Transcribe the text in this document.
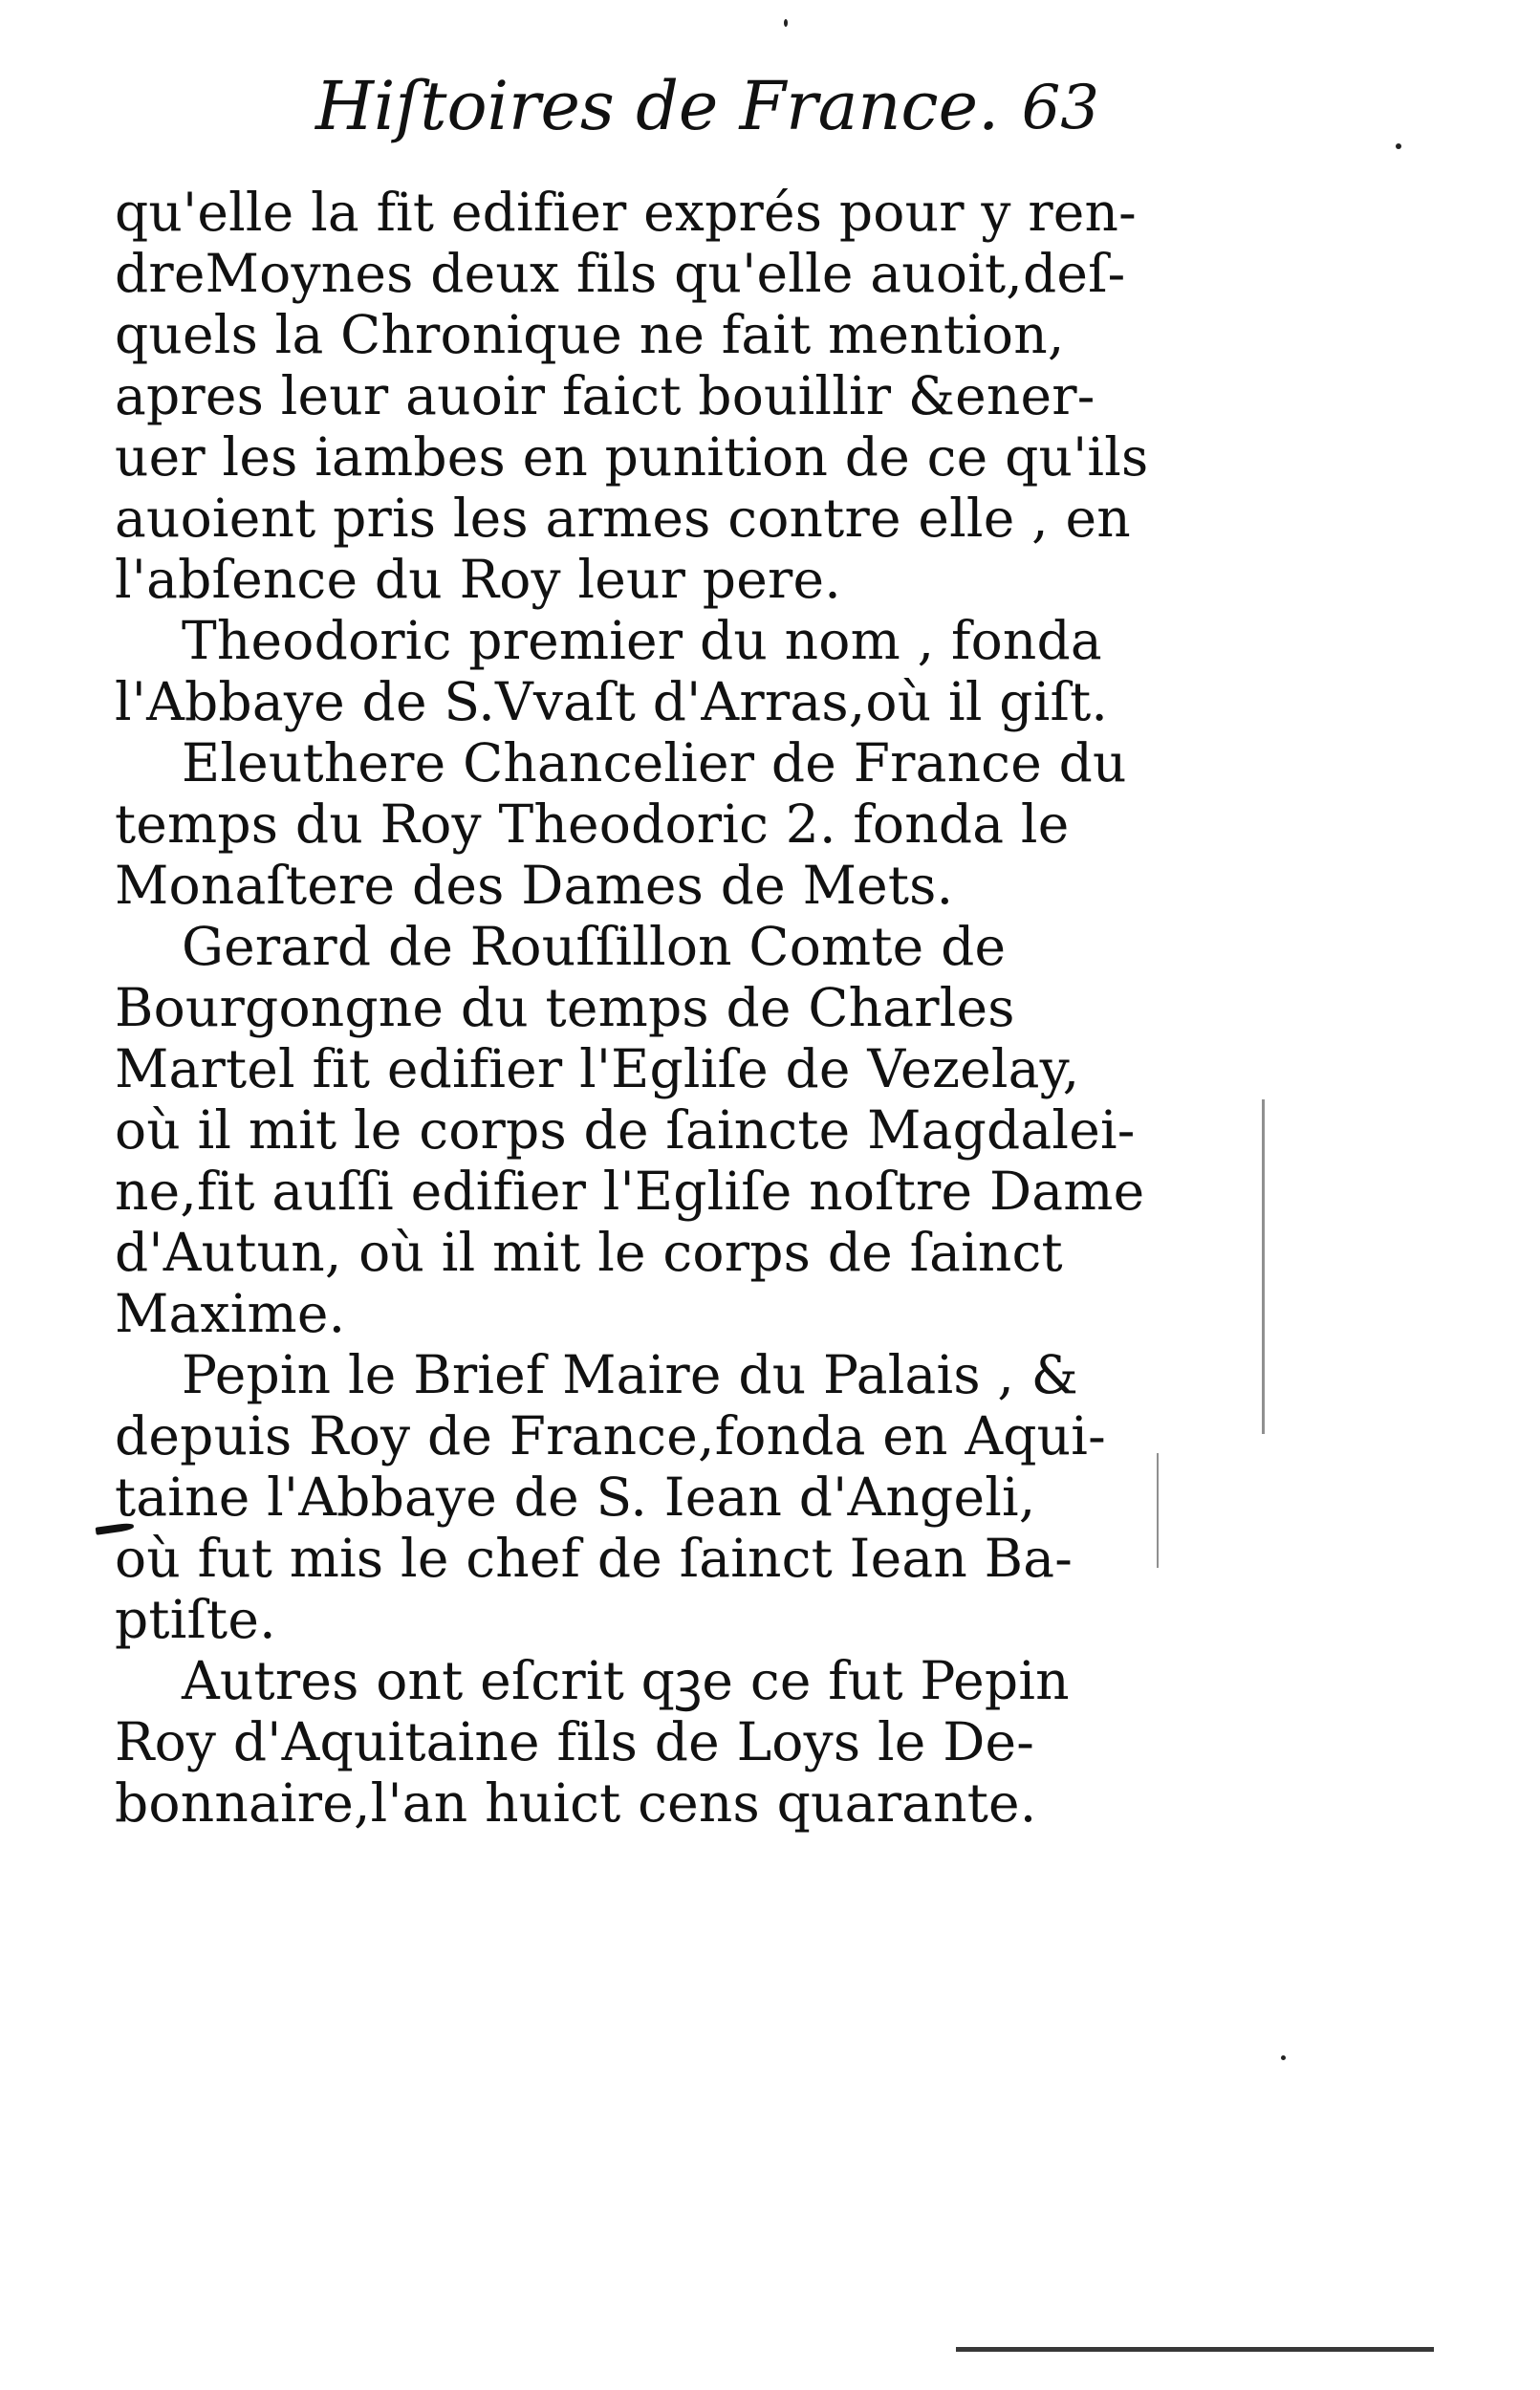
Hiſtoires de France. 63

qu'elle la fit edifier exprés pour y ren-
dreMoynes deux fils qu'elle auoit,deſ-
quels la Chronique ne fait mention,
apres leur auoir faict bouillir &ener-
uer les iambes en punition de ce qu'ils
auoient pris les armes contre elle , en
l'abſence du Roy leur pere.

Theodoric premier du nom , fonda
l'Abbaye de S.Vvaſt d'Arras,où il giſt.

Eleuthere Chancelier de France du
temps du Roy Theodoric 2. fonda le
Monaſtere des Dames de Mets.

Gerard de Rouſſillon Comte de
Bourgongne du temps de Charles
Martel fit edifier l'Egliſe de Vezelay,
où il mit le corps de ſaincte Magdalei-
ne,fit auſſi edifier l'Egliſe noſtre Dame
d'Autun, où il mit le corps de ſainct
Maxime.

Pepin le Brief Maire du Palais , &
depuis Roy de France,fonda en Aqui-
taine l'Abbaye de S. Iean d'Angeli,
où fut mis le chef de ſainct Iean Ba-
ptiſte.

Autres ont eſcrit qꝫe ce fut Pepin
Roy d'Aquitaine fils de Loys le De-
bonnaire,l'an huict cens quarante.
